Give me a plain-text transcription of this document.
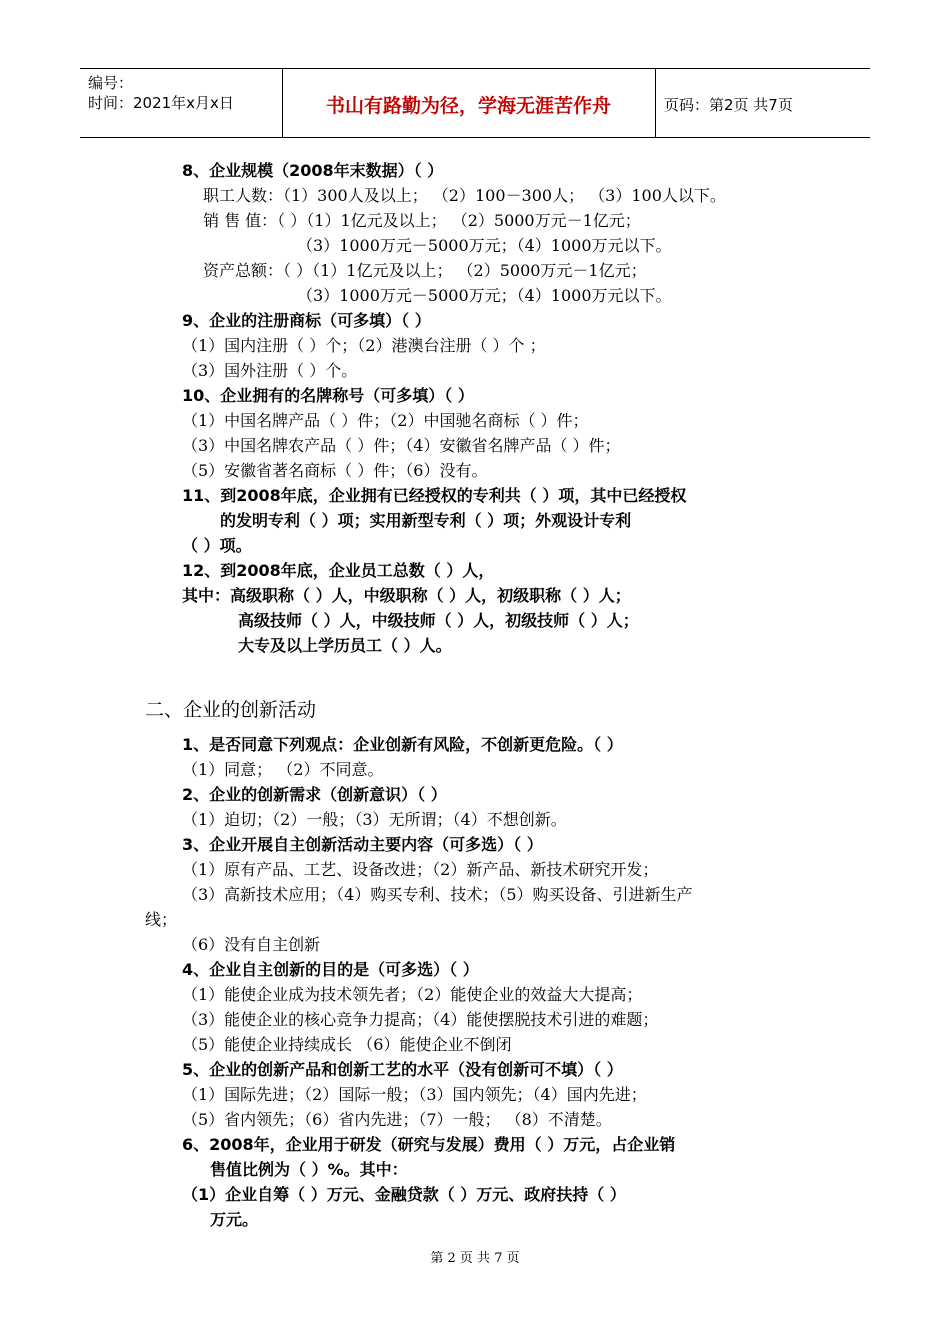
编号：
时间：2021年x月x日	书山有路勤为径，学海无涯苦作舟	页码：第2页 共7页
8、企业规模（2008年末数据）（ ）
职工人数：（1）300人及以上； （2）100－300人； （3）100人以下。
销 售 值：（ ）（1）1亿元及以上； （2）5000万元－1亿元；
（3）1000万元－5000万元；（4）1000万元以下。
资产总额：（ ）（1）1亿元及以上； （2）5000万元－1亿元；
（3）1000万元－5000万元；（4）1000万元以下。
9、企业的注册商标（可多填）（ ）
（1）国内注册（ ）个；（2）港澳台注册（ ）个 ；
（3）国外注册（ ）个。
10、企业拥有的名牌称号（可多填）（ ）
（1）中国名牌产品（ ）件；（2）中国驰名商标（ ）件；
（3）中国名牌农产品（ ）件；（4）安徽省名牌产品（ ）件；
（5）安徽省著名商标（ ）件；（6）没有。
11、到2008年底，企业拥有已经授权的专利共（ ）项，其中已经授权
的发明专利（ ）项；实用新型专利（ ）项；外观设计专利
（ ）项。
12、到2008年底，企业员工总数（ ）人，
其中：高级职称（ ）人，中级职称（ ）人，初级职称（ ）人；
高级技师（ ）人，中级技师（ ）人，初级技师（ ）人；
大专及以上学历员工（ ）人。
1、是否同意下列观点：企业创新有风险，不创新更危险。（ ）
（1）同意； （2）不同意。
2、企业的创新需求（创新意识）（ ）
（1）迫切；（2）一般；（3）无所谓；（4）不想创新。
3、企业开展自主创新活动主要内容（可多选）（ ）
（1）原有产品、工艺、设备改进；（2）新产品、新技术研究开发；
（3）高新技术应用；（4）购买专利、技术；（5）购买设备、引进新生产
线；
（6）没有自主创新
4、企业自主创新的目的是（可多选）（ ）
（1）能使企业成为技术领先者；（2）能使企业的效益大大提高；
（3）能使企业的核心竞争力提高；（4）能使摆脱技术引进的难题；
（5）能使企业持续成长 （6）能使企业不倒闭
5、企业的创新产品和创新工艺的水平（没有创新可不填）（ ）
（1）国际先进；（2）国际一般；（3）国内领先；（4）国内先进；
（5）省内领先；（6）省内先进；（7）一般； （8）不清楚。
6、2008年，企业用于研发（研究与发展）费用（ ）万元，占企业销
售值比例为（ ）%。其中：
（1）企业自筹（ ）万元、金融贷款（ ）万元、政府扶持（ ）
万元。
二、企业的创新活动
第 2 页 共 7 页
